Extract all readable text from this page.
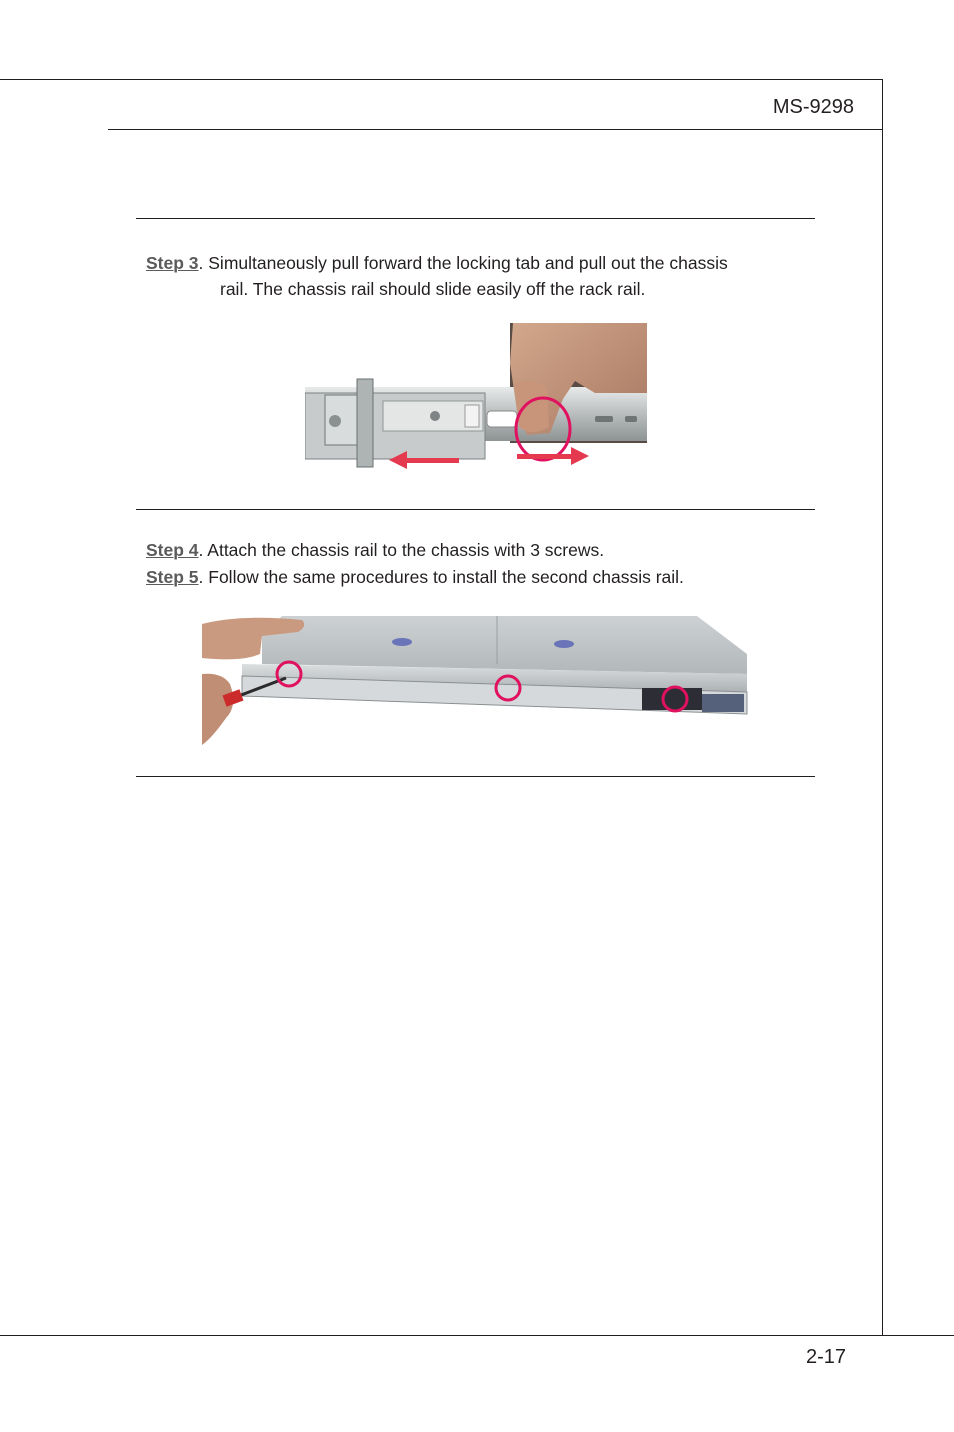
MS-9298
Step 3. Simultaneously pull forward the locking tab and pull out the chassis
rail. The chassis rail should slide easily off the rack rail.
Step 4. Attach the chassis rail to the chassis with 3 screws.
Step 5. Follow the same procedures to install the second chassis rail.
2-17
